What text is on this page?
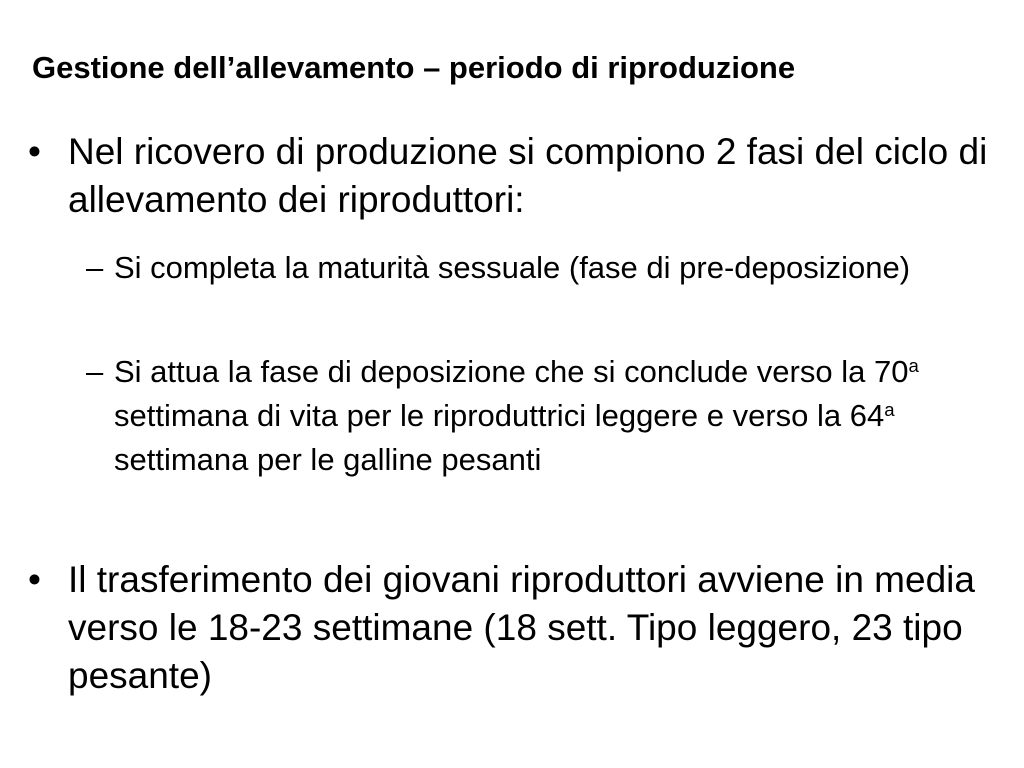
Gestione dell’allevamento – periodo di riproduzione
• Nel ricovero di produzione si compiono 2 fasi del ciclo di allevamento dei riproduttori:
– Si completa la maturità sessuale (fase di pre-deposizione)
– Si attua la fase di deposizione che si conclude verso la 70$^a$ settimana di vita per le riproduttrici leggere e verso la 64$^a$ settimana per le galline pesanti
• Il trasferimento dei giovani riproduttori avviene in media verso le 18-23 settimane (18 sett. Tipo leggero, 23 tipo pesante)
